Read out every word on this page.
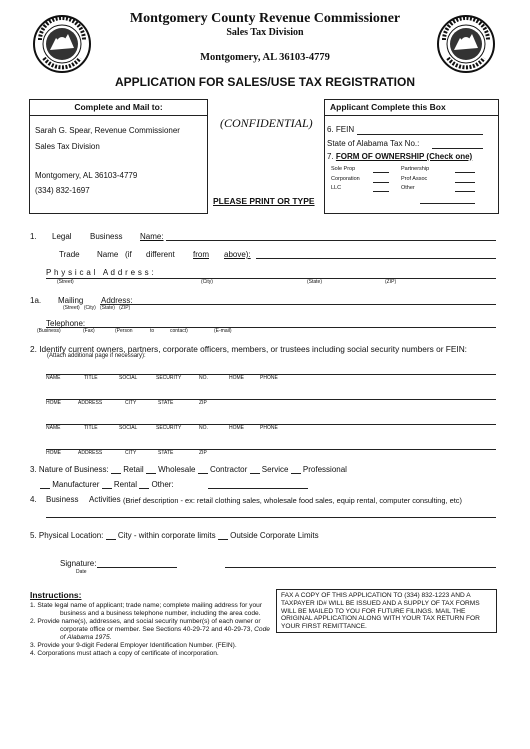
Montgomery County Revenue Commissioner
Sales Tax Division
Montgomery, AL 36103-4779
APPLICATION FOR SALES/USE TAX REGISTRATION
Complete and Mail to:
Sarah G. Spear, Revenue Commissioner
Sales Tax Division
Montgomery, AL 36103-4779
(334) 832-1697
(CONFIDENTIAL)
PLEASE PRINT OR TYPE
Applicant Complete this Box
6. FEIN
State of Alabama Tax No.:
7. FORM OF OWNERSHIP (Check one)
Sole Prop	Partnership
Corporation	Prof Assoc
LLC	Other
1. Legal Business Name:
Trade Name (if different from above):
P h y s i c a l   A d d r e s s :
(Street)	(City)	(State)	(ZIP)
1a. Mailing Address:
(Street)   (City)   (State)   (ZIP)
Telephone:
(Business)	(Fax)	(Person	to	contact)	(E-mail)
2. Identify current owners, partners, corporate officers, members, or trustees including social security numbers or FEIN:
(Attach additional page if necessary):
NAME	TITLE	SOCIAL	SECURITY	NO.	HOME	PHONE
HOME	ADDRESS	CITY	STATE	ZIP
NAME	TITLE	SOCIAL	SECURITY	NO.	HOME	PHONE
HOME	ADDRESS	CITY	STATE	ZIP
3. Nature of Business: Retail Wholesale Contractor Service Professional
Manufacturer Rental Other:
4. Business Activities (Brief description - ex: retail clothing sales, wholesale food sales, equip rental, computer consulting, etc)
5. Physical Location: City - within corporate limits Outside Corporate Limits
Signature:
Date
Instructions:
1. State legal name of applicant; trade name; complete mailing address for your business and a business telephone number, including the area code.
2. Provide name(s), addresses, and social security number(s) of each owner or corporate office or member. See Sections 40-29-72 and 40-29-73, Code of Alabama 1975.
3. Provide your 9-digit Federal Employer Identification Number. (FEIN).
4. Corporations must attach a copy of certificate of incorporation.
FAX A COPY OF THIS APPLICATION TO (334) 832-1223 AND A TAXPAYER ID# WILL BE ISSUED AND A SUPPLY OF TAX FORMS WILL BE MAILED TO YOU FOR FUTURE FILINGS. MAIL THE ORIGINAL APPLICATION ALONG WITH YOUR TAX RETURN FOR YOUR FIRST REMITTANCE.
